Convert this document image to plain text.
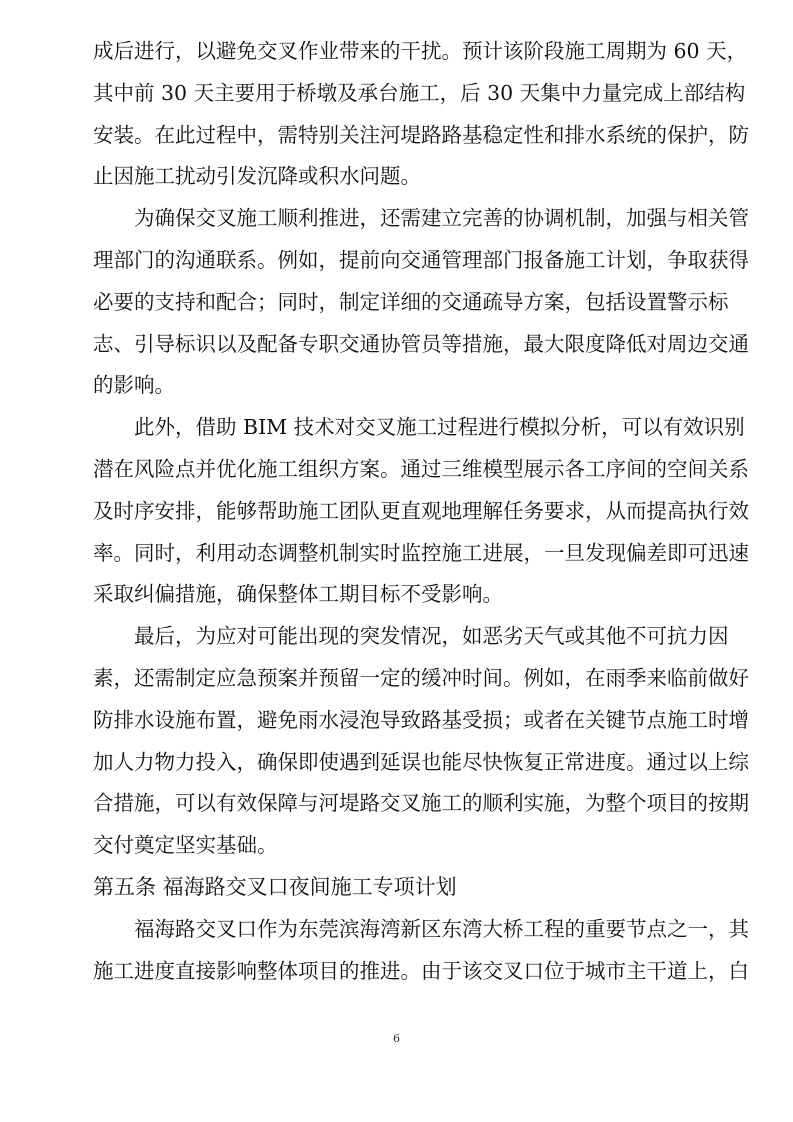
成后进行，以避免交叉作业带来的干扰。预计该阶段施工周期为 60 天，
其中前 30 天主要用于桥墩及承台施工，后 30 天集中力量完成上部结构
安装。在此过程中，需特别关注河堤路路基稳定性和排水系统的保护，防
止因施工扰动引发沉降或积水问题。
为确保交叉施工顺利推进，还需建立完善的协调机制，加强与相关管
理部门的沟通联系。例如，提前向交通管理部门报备施工计划，争取获得
必要的支持和配合；同时，制定详细的交通疏导方案，包括设置警示标
志、引导标识以及配备专职交通协管员等措施，最大限度降低对周边交通
的影响。
此外，借助 BIM 技术对交叉施工过程进行模拟分析，可以有效识别
潜在风险点并优化施工组织方案。通过三维模型展示各工序间的空间关系
及时序安排，能够帮助施工团队更直观地理解任务要求，从而提高执行效
率。同时，利用动态调整机制实时监控施工进展，一旦发现偏差即可迅速
采取纠偏措施，确保整体工期目标不受影响。
最后，为应对可能出现的突发情况，如恶劣天气或其他不可抗力因
素，还需制定应急预案并预留一定的缓冲时间。例如，在雨季来临前做好
防排水设施布置，避免雨水浸泡导致路基受损；或者在关键节点施工时增
加人力物力投入，确保即使遇到延误也能尽快恢复正常进度。通过以上综
合措施，可以有效保障与河堤路交叉施工的顺利实施，为整个项目的按期
交付奠定坚实基础。
第五条 福海路交叉口夜间施工专项计划
福海路交叉口作为东莞滨海湾新区东湾大桥工程的重要节点之一，其
施工进度直接影响整体项目的推进。由于该交叉口位于城市主干道上，白
6
